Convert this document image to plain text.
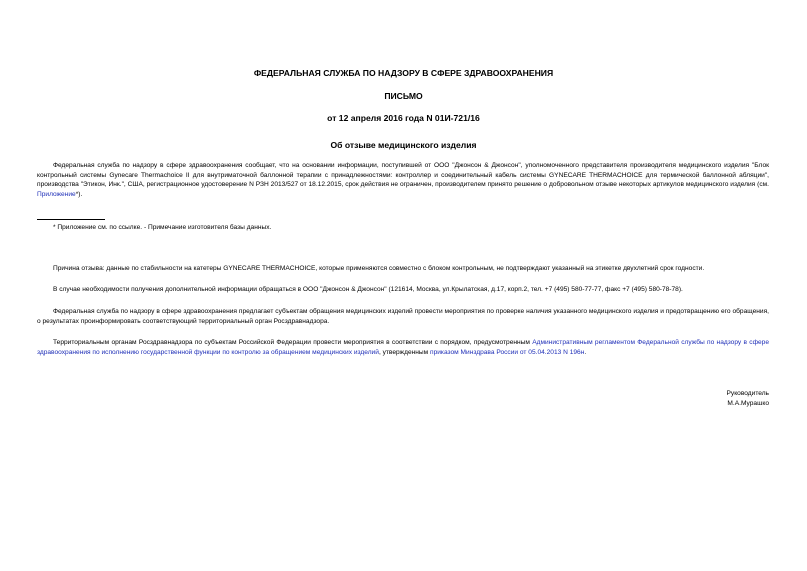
ФЕДЕРАЛЬНАЯ СЛУЖБА ПО НАДЗОРУ В СФЕРЕ ЗДРАВООХРАНЕНИЯ
ПИСЬМО
от 12 апреля 2016 года N 01И-721/16
Об отзыве медицинского изделия

Федеральная служба по надзору в сфере здравоохранения сообщает, что на основании информации, поступившей от ООО "Джонсон & Джонсон", уполномоченного представителя производителя медицинского изделия "Блок контрольный системы Gynecare Thermachoice II для внутриматочной баллонной терапии с принадлежностями: контроллер и соединительный кабель системы GYNECARE THERMACHOICE для термической баллонной абляции", производства "Этикон, Инк.", США, регистрационное удостоверение N РЗН 2013/527 от 18.12.2015, срок действия не ограничен, производителем принято решение о добровольном отзыве некоторых артикулов медицинского изделия (см. Приложение*).

* Приложение см. по ссылке. - Примечание изготовителя базы данных.

Причина отзыва: данные по стабильности на катетеры GYNECARE THERMACHOICE, которые применяются совместно с блоком контрольным, не подтверждают указанный на этикетке двухлетний срок годности.

В случае необходимости получения дополнительной информации обращаться в ООО "Джонсон & Джонсон" (121614, Москва, ул.Крылатская, д.17, корп.2, тел. +7 (495) 580-77-77, факс +7 (495) 580-78-78).

Федеральная служба по надзору в сфере здравоохранения предлагает субъектам обращения медицинских изделий провести мероприятия по проверке наличия указанного медицинского изделия и предотвращению его обращения, о результатах проинформировать соответствующий территориальный орган Росздравнадзора.

Территориальным органам Росздравнадзора по субъектам Российской Федерации провести мероприятия в соответствии с порядком, предусмотренным Административным регламентом Федеральной службы по надзору в сфере здравоохранения по исполнению государственной функции по контролю за обращением медицинских изделий, утвержденным приказом Минздрава России от 05.04.2013 N 196н.

Руководитель
М.А.Мурашко
